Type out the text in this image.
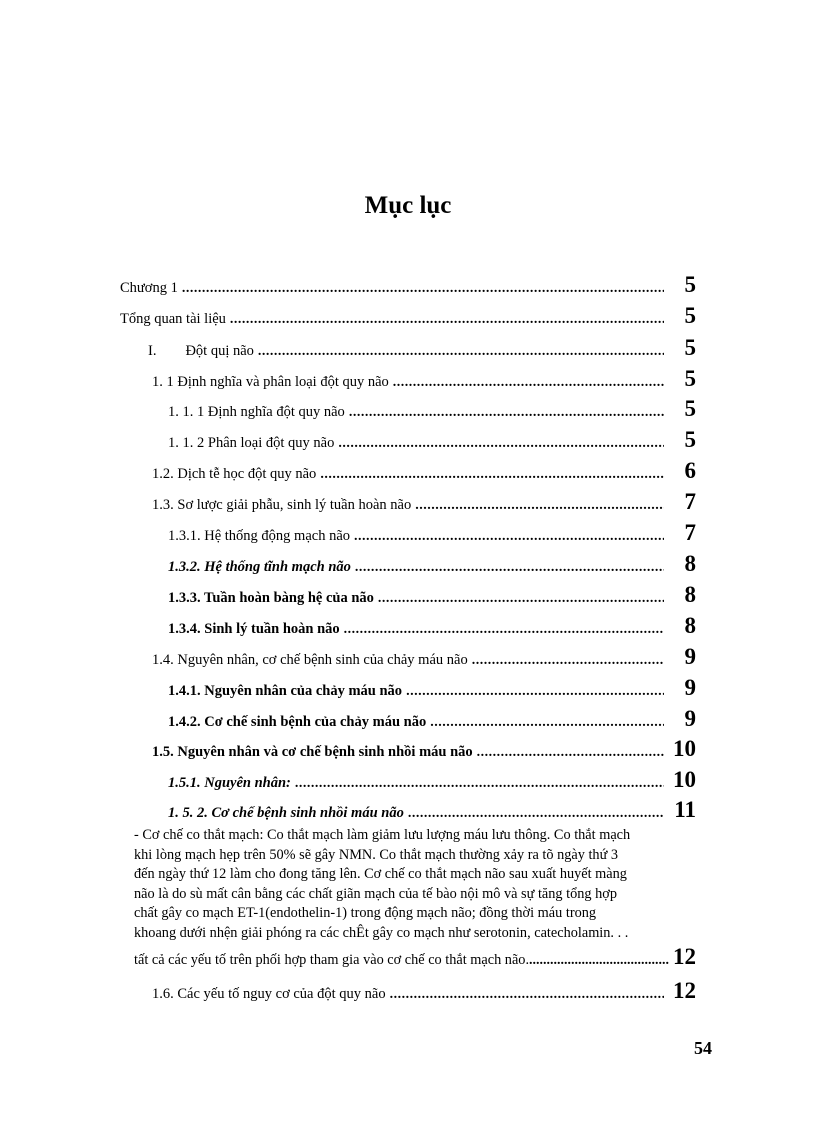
Mục lục
Chương 1 .....	5
Tổng quan tài liệu .....	5
I.        Đột quị não .....	5
1. 1 Định nghĩa và phân loại đột quy não .....	5
1. 1. 1 Định nghĩa đột quy não .....	5
1. 1. 2 Phân loại đột quy não .....	5
1.2. Dịch tễ học đột quy não .....	6
1.3. Sơ lược giải phẫu, sinh lý tuần hoàn não .....	7
1.3.1. Hệ thống động mạch não .....	7
1.3.2. Hệ thống tĩnh mạch não .....	8
1.3.3. Tuần hoàn bàng hệ của não .....	8
1.3.4. Sinh lý tuần hoàn não .....	8
1.4. Nguyên nhân, cơ chế bệnh sinh của chảy máu não .....	9
1.4.1. Nguyên nhân của chảy máu não .....	9
1.4.2. Cơ chế sinh bệnh của chảy máu não .....	9
1.5. Nguyên nhân và cơ chế bệnh sinh nhồi máu não .....	10
1.5.1. Nguyên nhân: .....	10
1. 5. 2. Cơ chế bệnh sinh nhồi máu não .....	11
- Cơ chế co thắt mạch: Co thắt mạch làm giảm lưu lượng máu lưu thông. Co thắt mạch
khi lòng mạch hẹp trên 50% sẽ gây NMN. Co thắt mạch thường xảy ra tõ ngày thứ 3
đến ngày thứ 12 làm cho đong tăng lên. Cơ chế co thắt mạch não sau xuất huyết màng
não là do sù mất cân bằng các chất giãn mạch của tế bào nội mô và sự tăng tổng hợp
chất gây co mạch ET-1(endothelin-1) trong động mạch não; đồng thời máu trong
khoang dưới nhện giải phóng ra các chÊt gây co mạch như serotonin, catecholamin. . .
tất cả các yếu tố trên phối hợp tham gia vào cơ chế co thắt mạch não. .....	12
1.6. Các yếu tố nguy cơ của đột quy não .....	12
54
